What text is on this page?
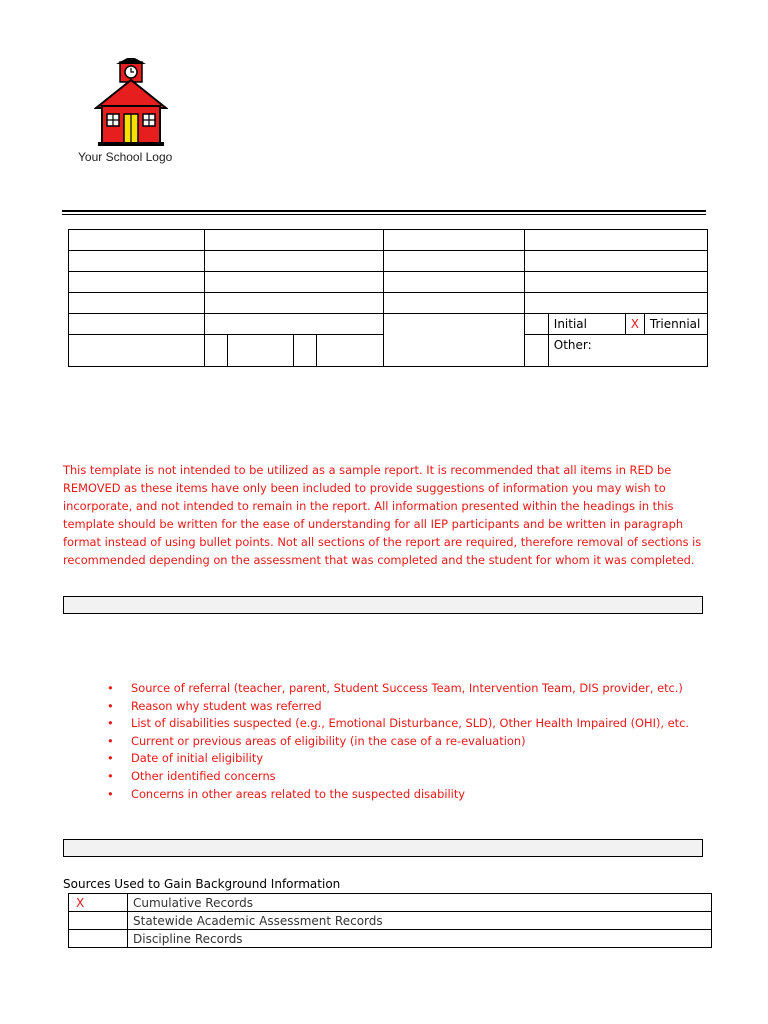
Your School Logo

							Initial	X	Triennial
							Other:		

This template is not intended to be utilized as a sample report. It is recommended that all items in RED be REMOVED as these items have only been included to provide suggestions of information you may wish to incorporate, and not intended to remain in the report. All information presented within the headings in this template should be written for the ease of understanding for all IEP participants and be written in paragraph format instead of using bullet points. Not all sections of the report are required, therefore removal of sections is recommended depending on the assessment that was completed and the student for whom it was completed.

• Source of referral (teacher, parent, Student Success Team, Intervention Team, DIS provider, etc.)
• Reason why student was referred
• List of disabilities suspected (e.g., Emotional Disturbance, SLD), Other Health Impaired (OHI), etc.
• Current or previous areas of eligibility (in the case of a re-evaluation)
• Date of initial eligibility
• Other identified concerns
• Concerns in other areas related to the suspected disability
Sources Used to Gain Background Information
X	Cumulative Records
	Statewide Academic Assessment Records
	Discipline Records
